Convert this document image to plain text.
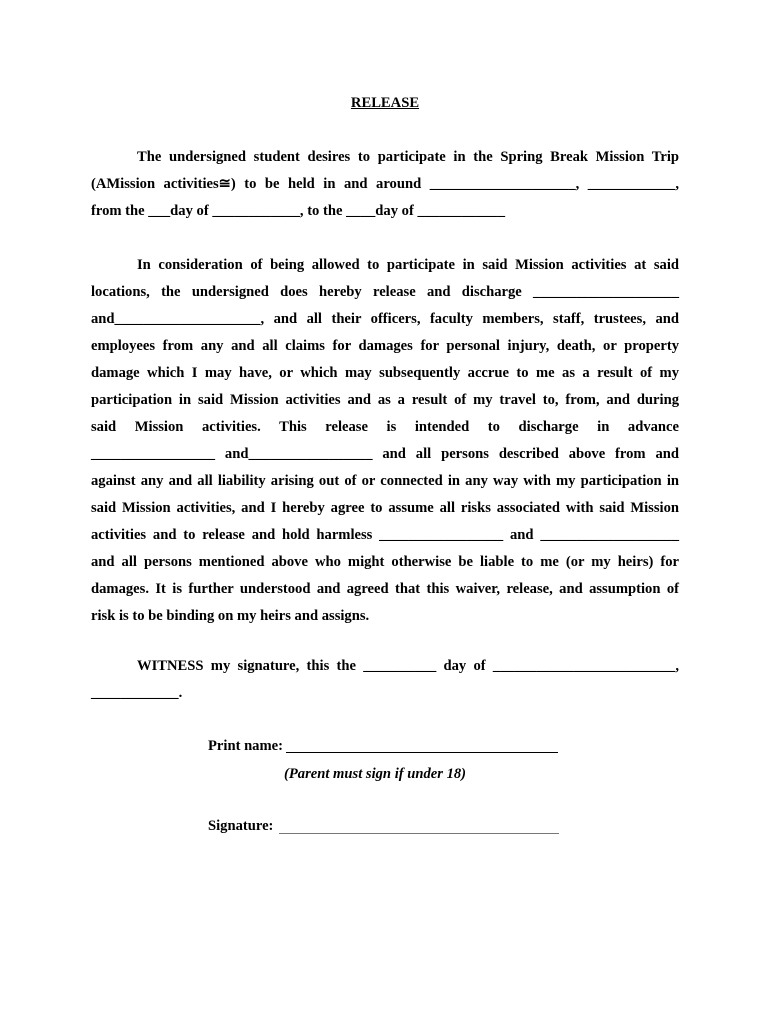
RELEASE
The undersigned student desires to participate in the Spring Break Mission Trip
(AMission activities≅) to be held in and around ____________________, ____________,
from the ___day of ____________, to the ____day of ____________
In consideration of being allowed to participate in said Mission activities at said
locations, the undersigned does hereby release and discharge ____________________
and____________________, and all their officers, faculty members, staff, trustees, and
employees from any and all claims for damages for personal injury, death, or property
damage which I may have, or which may subsequently accrue to me as a result of my
participation in said Mission activities and as a result of my travel to, from, and during
said Mission activities. This release is intended to discharge in advance
_________________ and_________________ and all persons described above from and
against any and all liability arising out of or connected in any way with my participation in
said Mission activities, and I hereby agree to assume all risks associated with said Mission
activities and to release and hold harmless _________________ and ___________________
and all persons mentioned above who might otherwise be liable to me (or my heirs) for
damages. It is further understood and agreed that this waiver, release, and assumption of
risk is to be binding on my heirs and assigns.
WITNESS my signature, this the __________ day of _________________________,
____________.
Print name:
(Parent must sign if under 18)
Signature:
